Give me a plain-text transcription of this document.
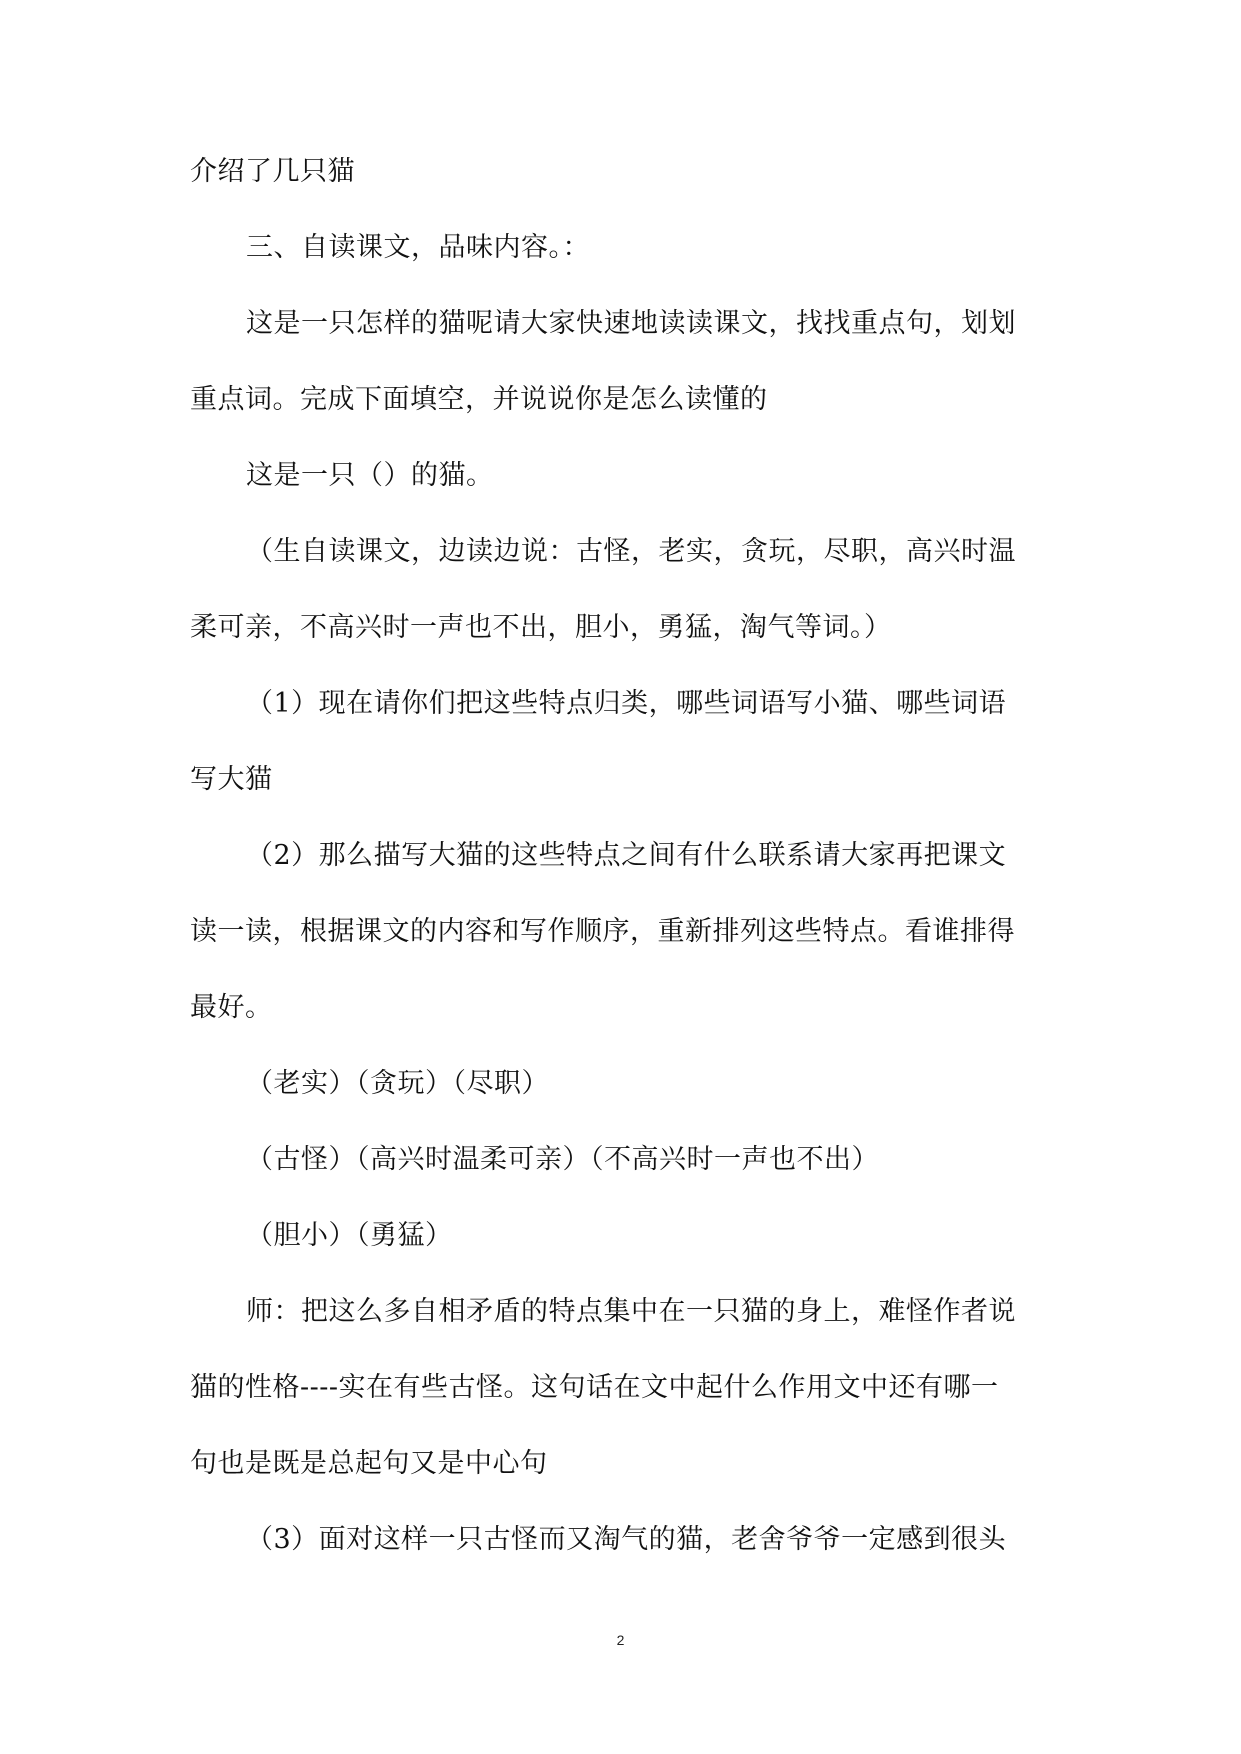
介绍了几只猫
三、自读课文，品味内容。：
这是一只怎样的猫呢请大家快速地读读课文，找找重点句，划划
重点词。完成下面填空，并说说你是怎么读懂的
这是一只（）的猫。
（生自读课文，边读边说：古怪，老实，贪玩，尽职，高兴时温
柔可亲，不高兴时一声也不出，胆小，勇猛，淘气等词。）
（1）现在请你们把这些特点归类，哪些词语写小猫、哪些词语
写大猫
（2）那么描写大猫的这些特点之间有什么联系请大家再把课文
读一读，根据课文的内容和写作顺序，重新排列这些特点。看谁排得
最好。
（老实）（贪玩）（尽职）
（古怪）（高兴时温柔可亲）（不高兴时一声也不出）
（胆小）（勇猛）
师：把这么多自相矛盾的特点集中在一只猫的身上，难怪作者说
猫的性格----实在有些古怪。这句话在文中起什么作用文中还有哪一
句也是既是总起句又是中心句
（3）面对这样一只古怪而又淘气的猫，老舍爷爷一定感到很头
2
